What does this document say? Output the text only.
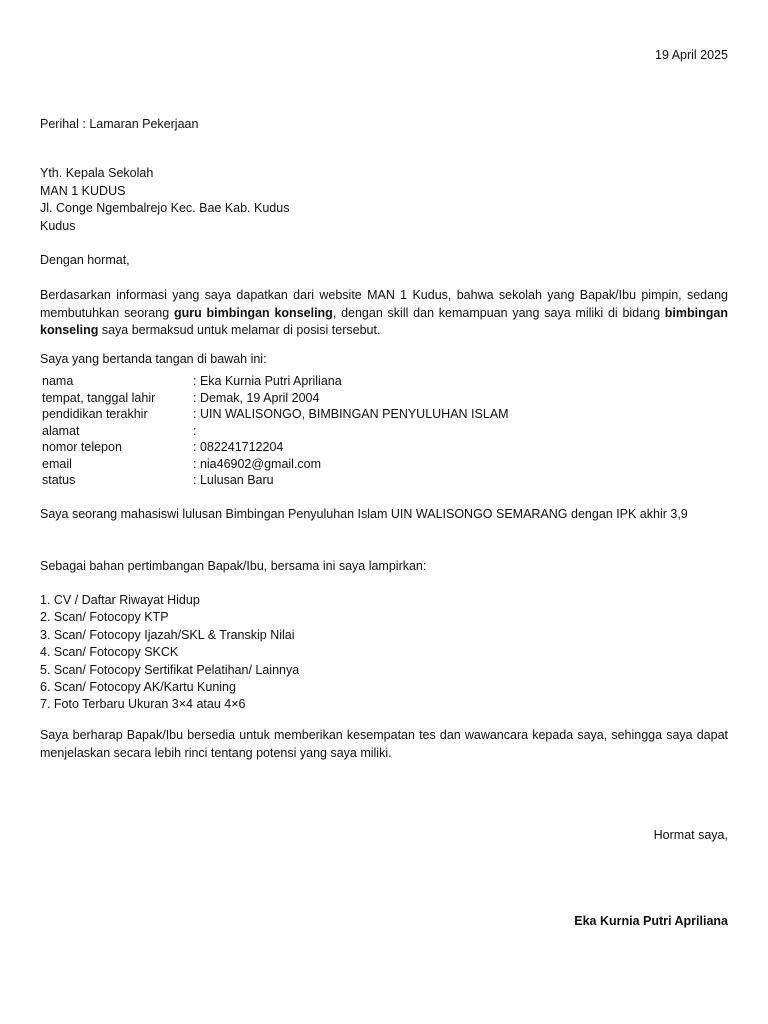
19 April 2025
Perihal : Lamaran Pekerjaan
Yth. Kepala Sekolah
MAN 1 KUDUS
Jl. Conge Ngembalrejo Kec. Bae Kab. Kudus
Kudus
Dengan hormat,
Berdasarkan informasi yang saya dapatkan dari website MAN 1 Kudus, bahwa sekolah yang Bapak/Ibu pimpin, sedang membutuhkan seorang guru bimbingan konseling, dengan skill dan kemampuan yang saya miliki di bidang bimbingan konseling saya bermaksud untuk melamar di posisi tersebut.
Saya yang bertanda tangan di bawah ini:
nama	: Eka Kurnia Putri Apriliana
tempat, tanggal lahir	: Demak, 19 April 2004
pendidikan terakhir	: UIN WALISONGO, BIMBINGAN PENYULUHAN ISLAM
alamat	:
nomor telepon	: 082241712204
email	: nia46902@gmail.com
status	: Lulusan Baru
Saya seorang mahasiswi lulusan Bimbingan Penyuluhan Islam UIN WALISONGO SEMARANG dengan IPK akhir 3,9
Sebagai bahan pertimbangan Bapak/Ibu, bersama ini saya lampirkan:
1. CV / Daftar Riwayat Hidup
2. Scan/ Fotocopy KTP
3. Scan/ Fotocopy Ijazah/SKL & Transkip Nilai
4. Scan/ Fotocopy SKCK
5. Scan/ Fotocopy Sertifikat Pelatihan/ Lainnya
6. Scan/ Fotocopy AK/Kartu Kuning
7. Foto Terbaru Ukuran 3×4 atau 4×6
Saya berharap Bapak/Ibu bersedia untuk memberikan kesempatan tes dan wawancara kepada saya, sehingga saya dapat menjelaskan secara lebih rinci tentang potensi yang saya miliki.
Hormat saya,
Eka Kurnia Putri Apriliana
